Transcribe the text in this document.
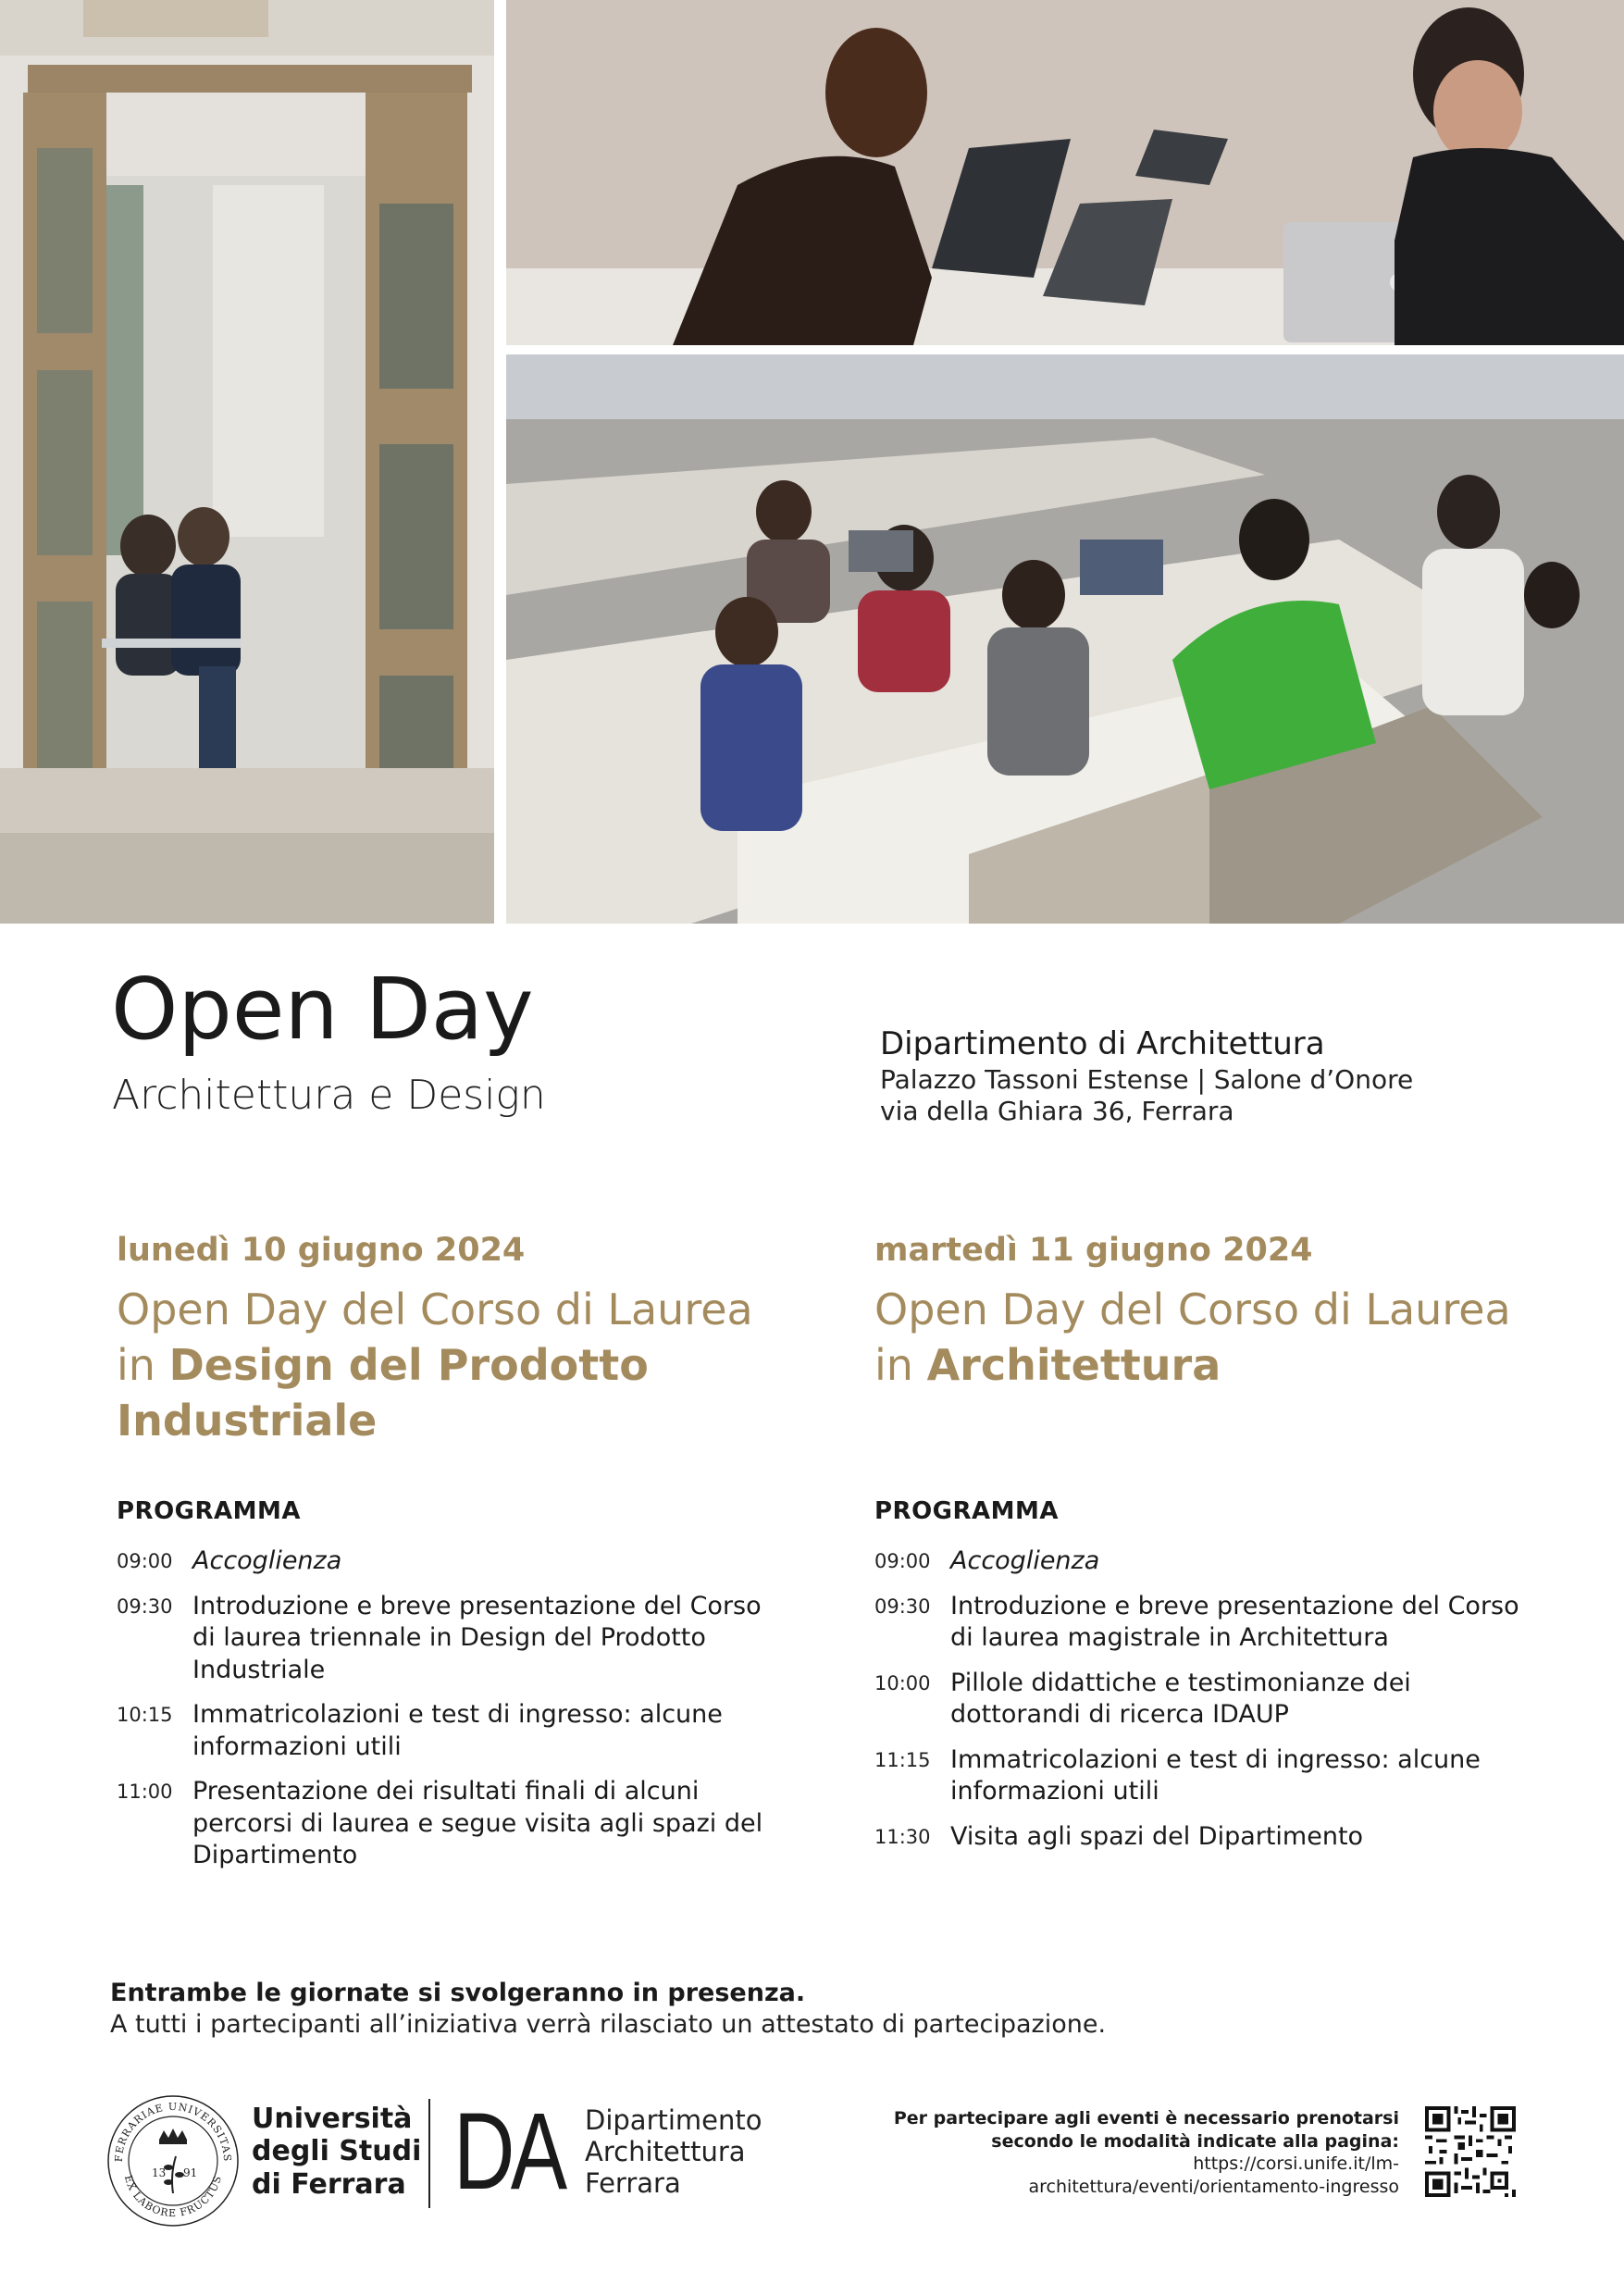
Open Day
Architettura e Design
Dipartimento di Architettura
Palazzo Tassoni Estense | Salone d’Onore
via della Ghiara 36, Ferrara
lunedì 10 giugno 2024
Open Day del Corso di Laurea
in Design del Prodotto Industriale
PROGRAMMA
09:00 Accoglienza
09:30 Introduzione e breve presentazione del Corso di laurea triennale in Design del Prodotto Industriale
10:15 Immatricolazioni e test di ingresso: alcune informazioni utili
11:00 Presentazione dei risultati finali di alcuni percorsi di laurea e segue visita agli spazi del Dipartimento
martedì 11 giugno 2024
Open Day del Corso di Laurea
in Architettura
PROGRAMMA
09:00 Accoglienza
09:30 Introduzione e breve presentazione del Corso di laurea magistrale in Architettura
10:00 Pillole didattiche e testimonianze dei dottorandi di ricerca IDAUP
11:15 Immatricolazioni e test di ingresso: alcune informazioni utili
11:30 Visita agli spazi del Dipartimento
Entrambe le giornate si svolgeranno in presenza.
A tutti i partecipanti all’iniziativa verrà rilasciato un attestato di partecipazione.
FERRARIAE UNIVERSITAS
EX LABORE FRUCTUS
13 91
Università
degli Studi
di Ferrara DA Dipartimento
Architettura
Ferrara
Per partecipare agli eventi è necessario prenotarsi
secondo le modalità indicate alla pagina:
https://corsi.unife.it/lm-
architettura/eventi/orientamento-ingresso
